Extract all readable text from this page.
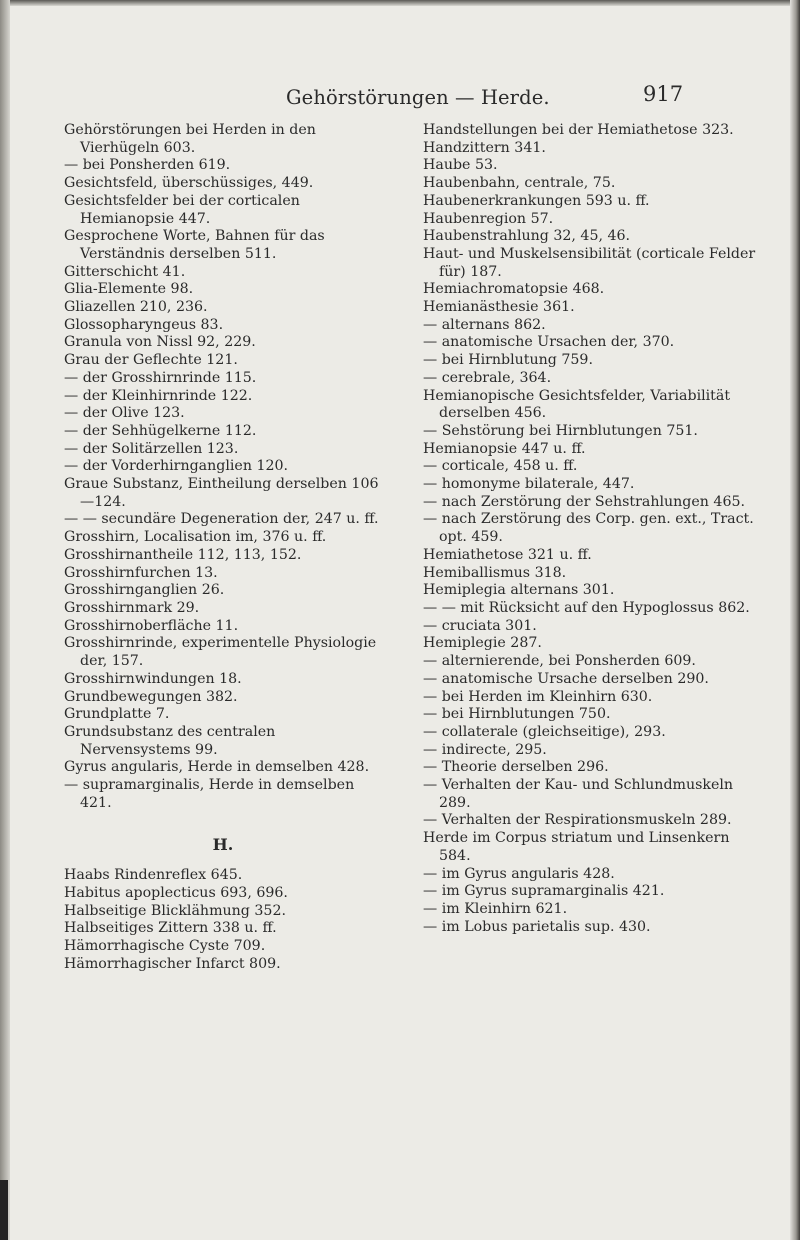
Gehörstörungen — Herde.	917
Gehörstörungen bei Herden in den Vierhügeln 603.
— bei Ponsherden 619.
Gesichtsfeld, überschüssiges, 449.
Gesichtsfelder bei der corticalen Hemianopsie 447.
Gesprochene Worte, Bahnen für das Verständnis derselben 511.
Gitterschicht 41.
Glia-Elemente 98.
Gliazellen 210, 236.
Glossopharyngeus 83.
Granula von Nissl 92, 229.
Grau der Geflechte 121.
— der Grosshirnrinde 115.
— der Kleinhirnrinde 122.
— der Olive 123.
— der Sehhügelkerne 112.
— der Solitärzellen 123.
— der Vorderhirnganglien 120.
Graue Substanz, Eintheilung derselben 106—124.
— — secundäre Degeneration der, 247 u. ff.
Grosshirn, Localisation im, 376 u. ff.
Grosshirnantheile 112, 113, 152.
Grosshirnfurchen 13.
Grosshirnganglien 26.
Grosshirnmark 29.
Grosshirnoberfläche 11.
Grosshirnrinde, experimentelle Physiologie der, 157.
Grosshirnwindungen 18.
Grundbewegungen 382.
Grundplatte 7.
Grundsubstanz des centralen Nervensystems 99.
Gyrus angularis, Herde in demselben 428.
— supramarginalis, Herde in demselben 421.
H.
Haabs Rindenreflex 645.
Habitus apoplecticus 693, 696.
Halbseitige Blicklähmung 352.
Halbseitiges Zittern 338 u. ff.
Hämorrhagische Cyste 709.
Hämorrhagischer Infarct 809.
Handstellungen bei der Hemiathetose 323.
Handzittern 341.
Haube 53.
Haubenbahn, centrale, 75.
Haubenerkrankungen 593 u. ff.
Haubenregion 57.
Haubenstrahlung 32, 45, 46.
Haut- und Muskelsensibilität (corticale Felder für) 187.
Hemiachromatopsie 468.
Hemianästhesie 361.
— alternans 862.
— anatomische Ursachen der, 370.
— bei Hirnblutung 759.
— cerebrale, 364.
Hemianopische Gesichtsfelder, Variabilität derselben 456.
— Sehstörung bei Hirnblutungen 751.
Hemianopsie 447 u. ff.
— corticale, 458 u. ff.
— homonyme bilaterale, 447.
— nach Zerstörung der Sehstrahlungen 465.
— nach Zerstörung des Corp. gen. ext., Tract. opt. 459.
Hemiathetose 321 u. ff.
Hemiballismus 318.
Hemiplegia alternans 301.
— — mit Rücksicht auf den Hypoglossus 862.
— cruciata 301.
Hemiplegie 287.
— alternierende, bei Ponsherden 609.
— anatomische Ursache derselben 290.
— bei Herden im Kleinhirn 630.
— bei Hirnblutungen 750.
— collaterale (gleichseitige), 293.
— indirecte, 295.
— Theorie derselben 296.
— Verhalten der Kau- und Schlundmuskeln 289.
— Verhalten der Respirationsmuskeln 289.
Herde im Corpus striatum und Linsenkern 584.
— im Gyrus angularis 428.
— im Gyrus supramarginalis 421.
— im Kleinhirn 621.
— im Lobus parietalis sup. 430.
